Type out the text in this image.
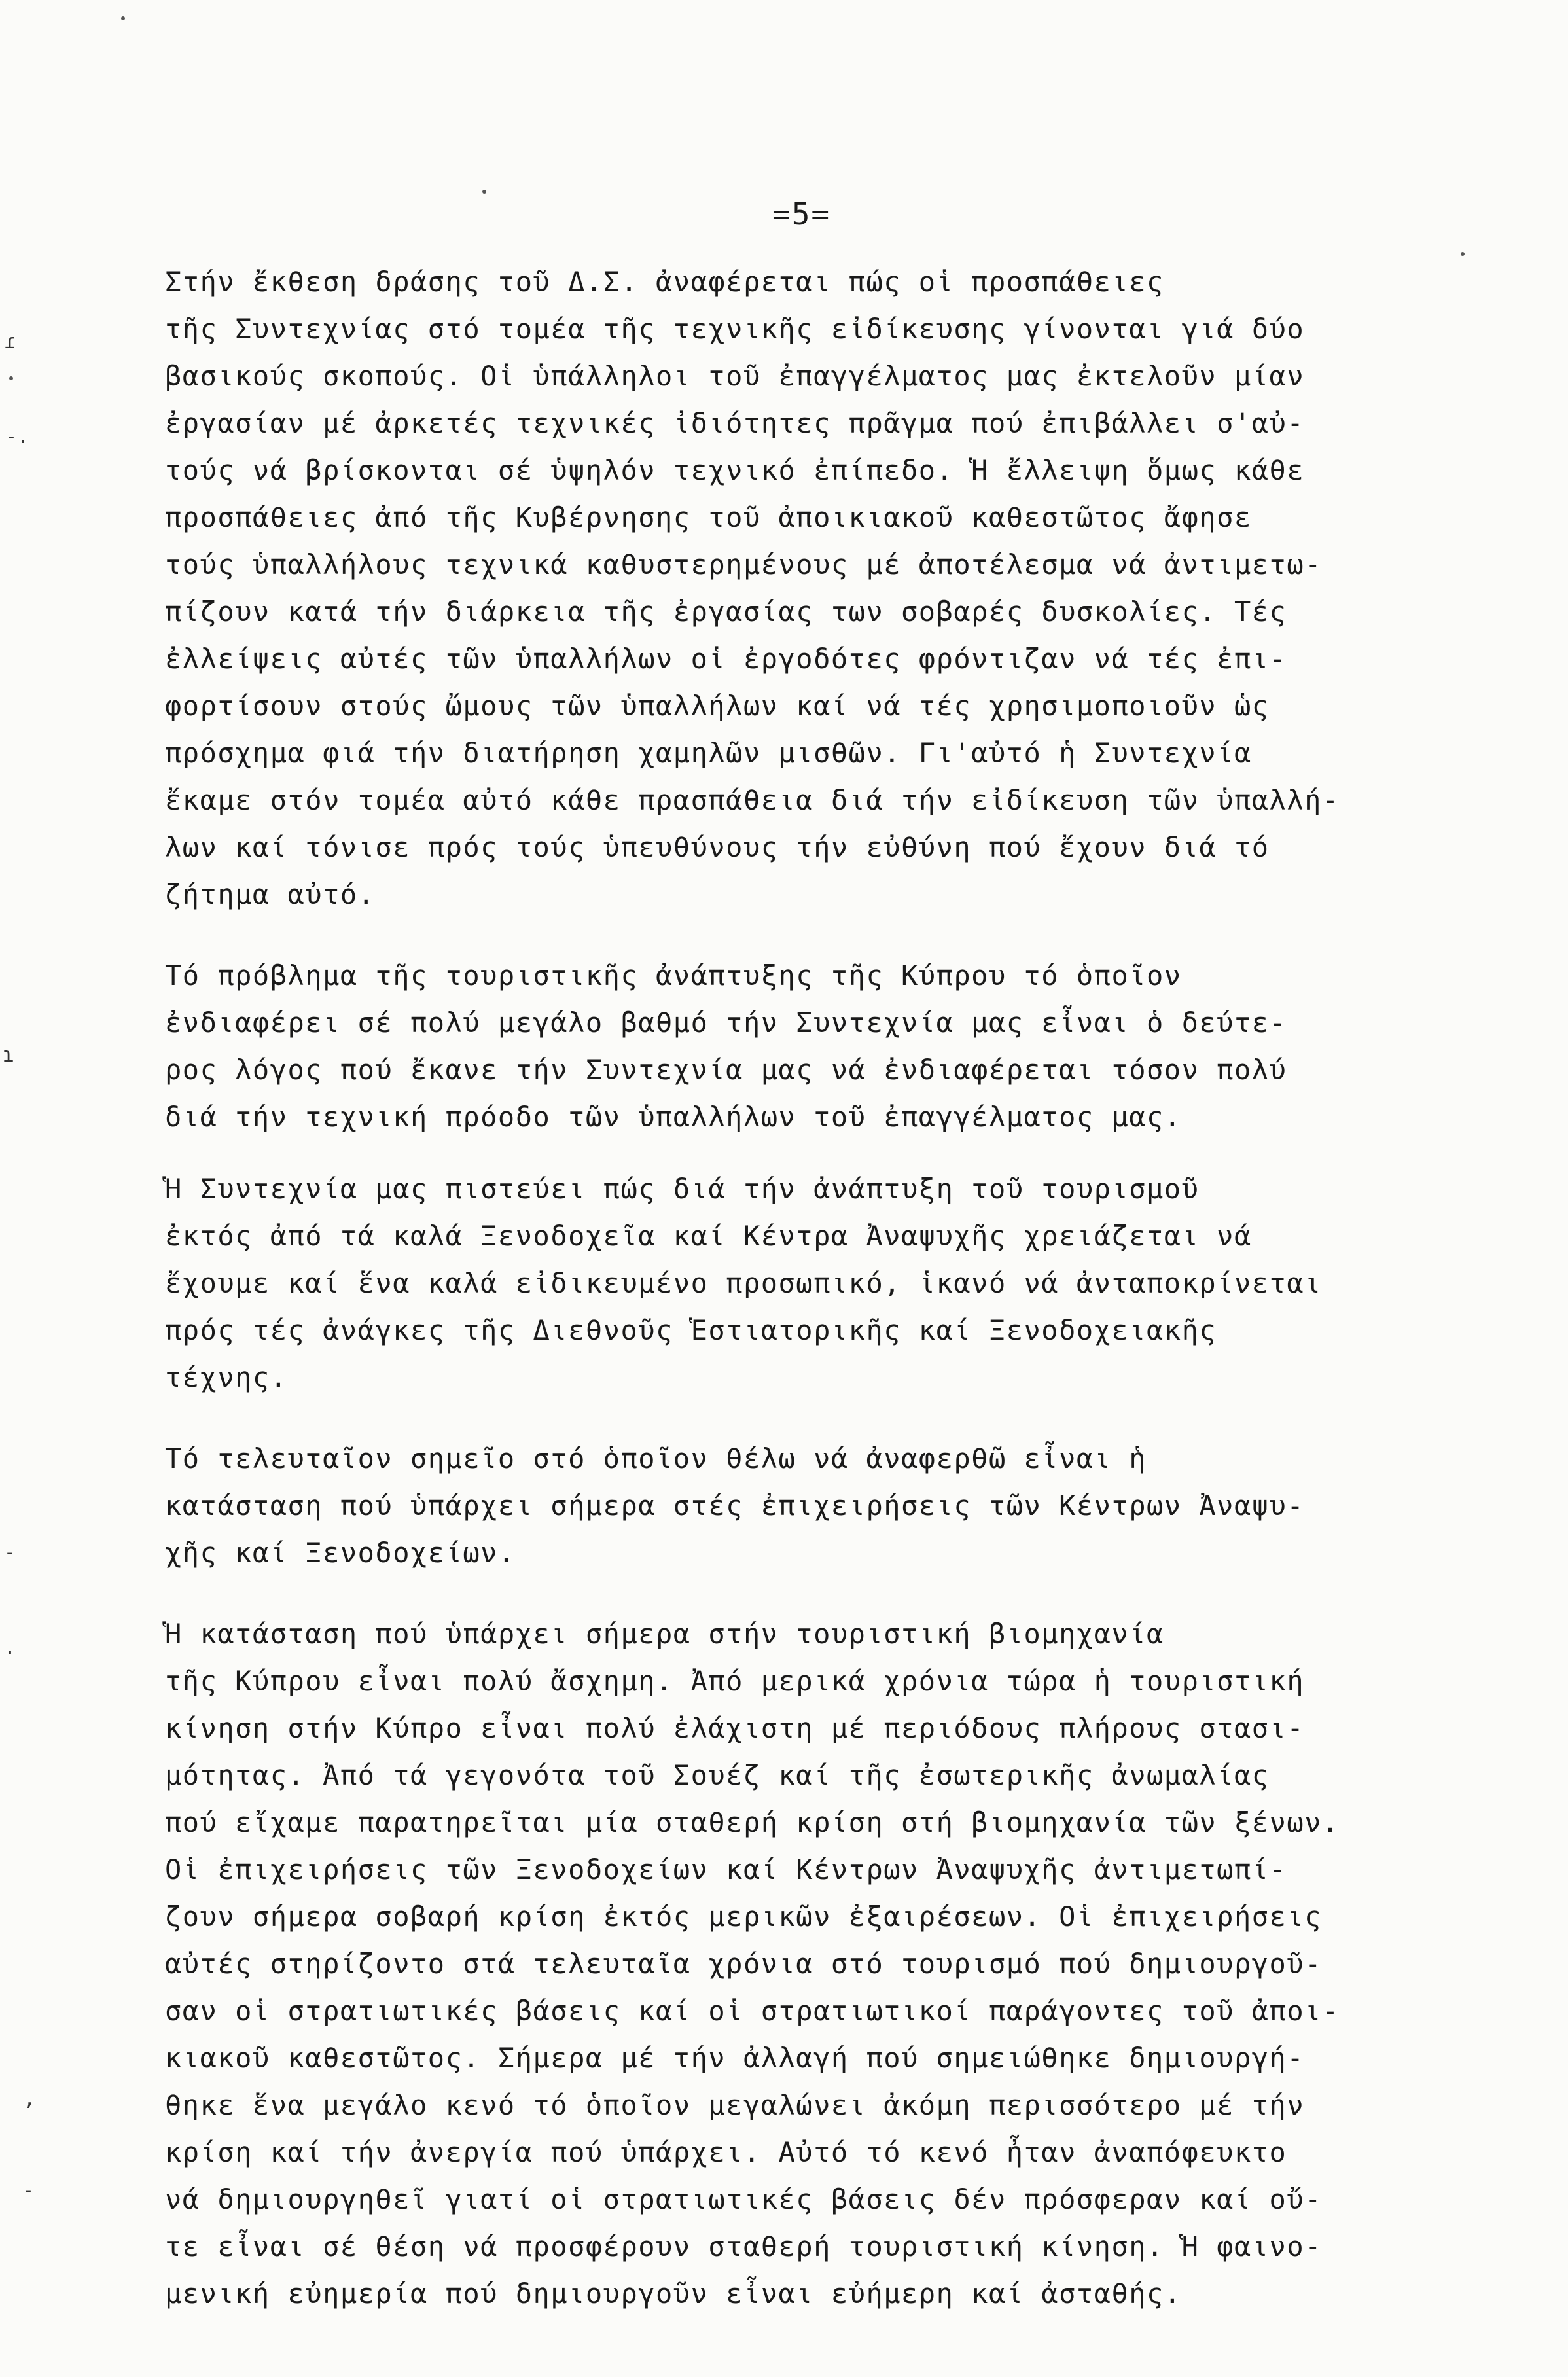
=5=
ɾ
-.
ɿ
-
.
,
-
Στήν ἔκθεση δράσης τοῦ Δ.Σ. ἀναφέρεται πώς οἱ προσπάθειες
τῆς Συντεχνίας στό τομέα τῆς τεχνικῆς εἰδίκευσης γίνονται γιά δύο
βασικούς σκοπούς. Οἱ ὑπάλληλοι τοῦ ἐπαγγέλματος μας ἐκτελοῦν μίαν
ἐργασίαν μέ ἀρκετές τεχνικές ἰδιότητες πρᾶγμα πού ἐπιβάλλει σ'αὐ-
τούς νά βρίσκονται σέ ὑψηλόν τεχνικό ἐπίπεδο. Ἡ ἔλλειψη ὅμως κάθε
προσπάθειες ἀπό τῆς Κυβέρνησης τοῦ ἀποικιακοῦ καθεστῶτος ἄφησε
τούς ὑπαλλήλους τεχνικά καθυστερημένους μέ ἀποτέλεσμα νά ἀντιμετω-
πίζουν κατά τήν διάρκεια τῆς ἐργασίας των σοβαρές δυσκολίες. Τές
ἐλλείψεις αὐτές τῶν ὑπαλλήλων οἱ ἐργοδότες φρόντιζαν νά τές ἐπι-
φορτίσουν στούς ὤμους τῶν ὑπαλλήλων καί νά τές χρησιμοποιοῦν ὡς
πρόσχημα φιά τήν διατήρηση χαμηλῶν μισθῶν. Γι'αὐτό ἡ Συντεχνία
ἔκαμε στόν τομέα αὐτό κάθε πρασπάθεια διά τήν εἰδίκευση τῶν ὑπαλλή-
λων καί τόνισε πρός τούς ὑπευθύνους τήν εὐθύνη πού ἔχουν διά τό
ζήτημα αὐτό.
Τό πρόβλημα τῆς τουριστικῆς ἀνάπτυξης τῆς Κύπρου τό ὁποῖον
ἐνδιαφέρει σέ πολύ μεγάλο βαθμό τήν Συντεχνία μας εἶναι ὁ δεύτε-
ρος λόγος πού ἔκανε τήν Συντεχνία μας νά ἐνδιαφέρεται τόσον πολύ
διά τήν τεχνική πρόοδο τῶν ὑπαλλήλων τοῦ ἐπαγγέλματος μας.
Ἡ Συντεχνία μας πιστεύει πώς διά τήν ἀνάπτυξη τοῦ τουρισμοῦ
ἐκτός ἀπό τά καλά Ξενοδοχεῖα καί Κέντρα Ἀναψυχῆς χρειάζεται νά
ἔχουμε καί ἕνα καλά εἰδικευμένο προσωπικό, ἱκανό νά ἀνταποκρίνεται
πρός τές ἀνάγκες τῆς Διεθνοῦς Ἑστιατορικῆς καί Ξενοδοχειακῆς
τέχνης.
Τό τελευταῖον σημεῖο στό ὁποῖον θέλω νά ἀναφερθῶ εἶναι ἡ
κατάσταση πού ὑπάρχει σήμερα στές ἐπιχειρήσεις τῶν Κέντρων Ἀναψυ-
χῆς καί Ξενοδοχείων.
Ἡ κατάσταση πού ὑπάρχει σήμερα στήν τουριστική βιομηχανία
τῆς Κύπρου εἶναι πολύ ἄσχημη. Ἀπό μερικά χρόνια τώρα ἡ τουριστική
κίνηση στήν Κύπρο εἶναι πολύ ἐλάχιστη μέ περιόδους πλήρους στασι-
μότητας. Ἀπό τά γεγονότα τοῦ Σουέζ καί τῆς ἐσωτερικῆς ἀνωμαλίας
πού εἴχαμε παρατηρεῖται μία σταθερή κρίση στή βιομηχανία τῶν ξένων.
Οἱ ἐπιχειρήσεις τῶν Ξενοδοχείων καί Κέντρων Ἀναψυχῆς ἀντιμετωπί-
ζουν σήμερα σοβαρή κρίση ἐκτός μερικῶν ἐξαιρέσεων. Οἱ ἐπιχειρήσεις
αὐτές στηρίζοντο στά τελευταῖα χρόνια στό τουρισμό πού δημιουργοῦ-
σαν οἱ στρατιωτικές βάσεις καί οἱ στρατιωτικοί παράγοντες τοῦ ἀποι-
κιακοῦ καθεστῶτος. Σήμερα μέ τήν ἀλλαγή πού σημειώθηκε δημιουργή-
θηκε ἕνα μεγάλο κενό τό ὁποῖον μεγαλώνει ἀκόμη περισσότερο μέ τήν
κρίση καί τήν ἀνεργία πού ὑπάρχει. Αὐτό τό κενό ἦταν ἀναπόφευκτο
νά δημιουργηθεῖ γιατί οἱ στρατιωτικές βάσεις δέν πρόσφεραν καί οὔ-
τε εἶναι σέ θέση νά προσφέρουν σταθερή τουριστική κίνηση. Ἡ φαινο-
μενική εὐημερία πού δημιουργοῦν εἶναι εὐήμερη καί ἀσταθής.
